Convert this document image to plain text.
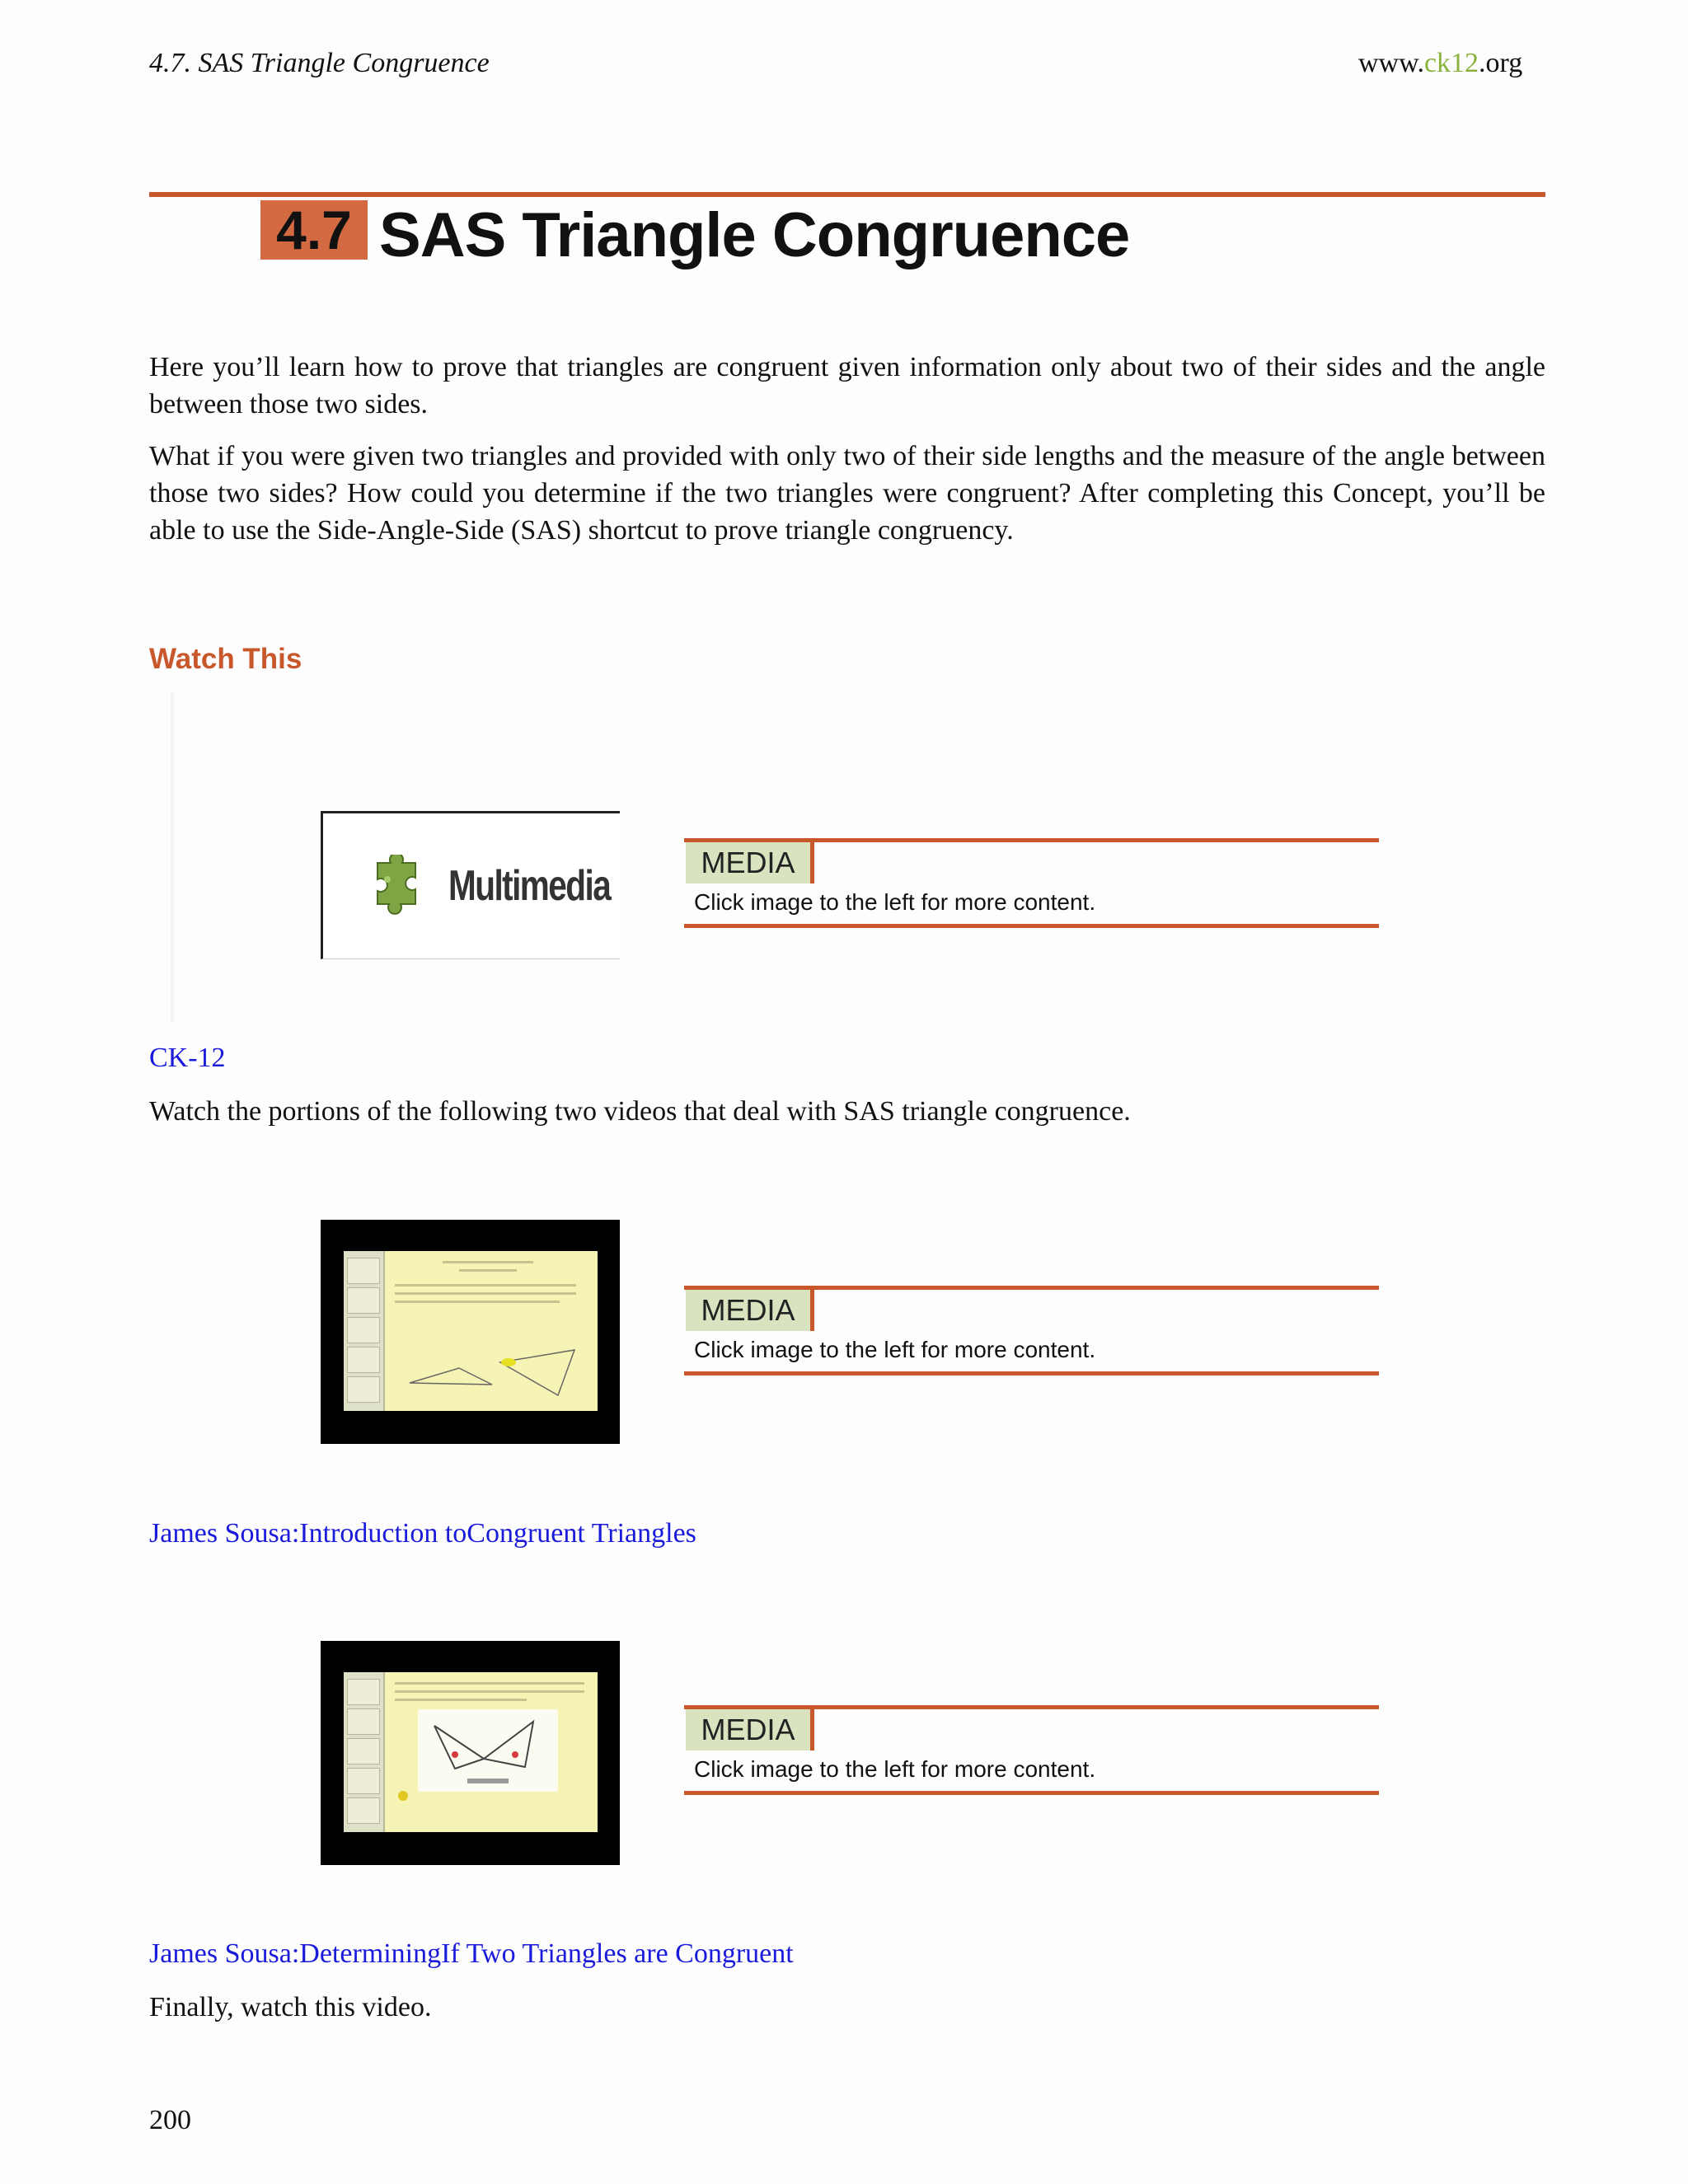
4.7. SAS Triangle Congruence	www.ck12.org
4.7 SAS Triangle Congruence
Here you’ll learn how to prove that triangles are congruent given information only about two of their sides and the angle between those two sides.
What if you were given two triangles and provided with only two of their side lengths and the measure of the angle between those two sides? How could you determine if the two triangles were congruent? After completing this Concept, you’ll be able to use the Side-Angle-Side (SAS) shortcut to prove triangle congruency.
Watch This
Multimedia	MEDIA
Click image to the left for more content.
CK-12
Watch the portions of the following two videos that deal with SAS triangle congruence.
MEDIA
Click image to the left for more content.
James Sousa:Introduction toCongruent Triangles
MEDIA
Click image to the left for more content.
James Sousa:DeterminingIf Two Triangles are Congruent
Finally, watch this video.
200
